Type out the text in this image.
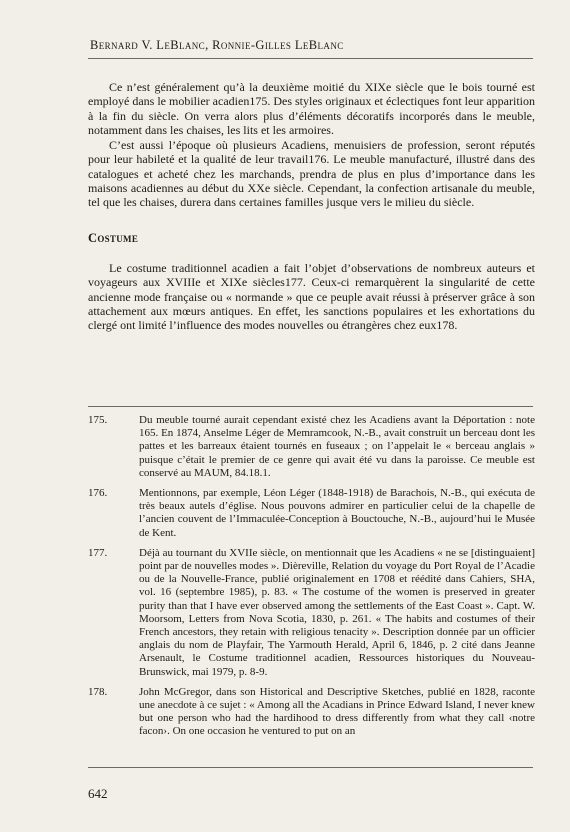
Bernard V. LeBlanc, Ronnie-Gilles LeBlanc

Ce n’est généralement qu’à la deuxième moitié du XIXe siècle que le bois tourné est employé dans le mobilier acadien175. Des styles originaux et éclectiques font leur apparition à la fin du siècle. On verra alors plus d’éléments décoratifs incorporés dans le meuble, notamment dans les chaises, les lits et les armoires.

C’est aussi l’époque où plusieurs Acadiens, menuisiers de profession, seront réputés pour leur habileté et la qualité de leur travail176. Le meuble manufacturé, illustré dans des catalogues et acheté chez les marchands, prendra de plus en plus d’importance dans les maisons acadiennes au début du XXe siècle. Cependant, la confection artisanale du meuble, tel que les chaises, durera dans certaines familles jusque vers le milieu du siècle.

Costume

Le costume traditionnel acadien a fait l’objet d’observations de nombreux auteurs et voyageurs aux XVIIIe et XIXe siècles177. Ceux-ci remarquèrent la singularité de cette ancienne mode française ou « normande » que ce peuple avait réussi à préserver grâce à son attachement aux mœurs antiques. En effet, les sanctions populaires et les exhortations du clergé ont limité l’influence des modes nouvelles ou étrangères chez eux178.

175.	Du meuble tourné aurait cependant existé chez les Acadiens avant la Déportation : note 165. En 1874, Anselme Léger de Memramcook, N.-B., avait construit un berceau dont les pattes et les barreaux étaient tournés en fuseaux ; on l’appelait le « berceau anglais » puisque c’était le premier de ce genre qui avait été vu dans la paroisse. Ce meuble est conservé au MAUM, 84.18.1.
176.	Mentionnons, par exemple, Léon Léger (1848-1918) de Barachois, N.-B., qui exécuta de très beaux autels d’église. Nous pouvons admirer en particulier celui de la chapelle de l’ancien couvent de l’Immaculée-Conception à Bouctouche, N.-B., aujourd’hui le Musée de Kent.
177.	Déjà au tournant du XVIIe siècle, on mentionnait que les Acadiens « ne se [distinguaient] point par de nouvelles modes ». Dièreville, Relation du voyage du Port Royal de l’Acadie ou de la Nouvelle-France, publié originalement en 1708 et réédité dans Cahiers, SHA, vol. 16 (septembre 1985), p. 83. « The costume of the women is preserved in greater purity than that I have ever observed among the settlements of the East Coast ». Capt. W. Moorsom, Letters from Nova Scotia, 1830, p. 261. « The habits and costumes of their French ancestors, they retain with religious tenacity ». Description donnée par un officier anglais du nom de Playfair, The Yarmouth Herald, April 6, 1846, p. 2 cité dans Jeanne Arsenault, le Costume traditionnel acadien, Ressources historiques du Nouveau-Brunswick, mai 1979, p. 8-9.
178.	John McGregor, dans son Historical and Descriptive Sketches, publié en 1828, raconte une anecdote à ce sujet : « Among all the Acadians in Prince Edward Island, I never knew but one person who had the hardihood to dress differently from what they call ‹notre facon›. On one occasion he ventured to put on an
642
